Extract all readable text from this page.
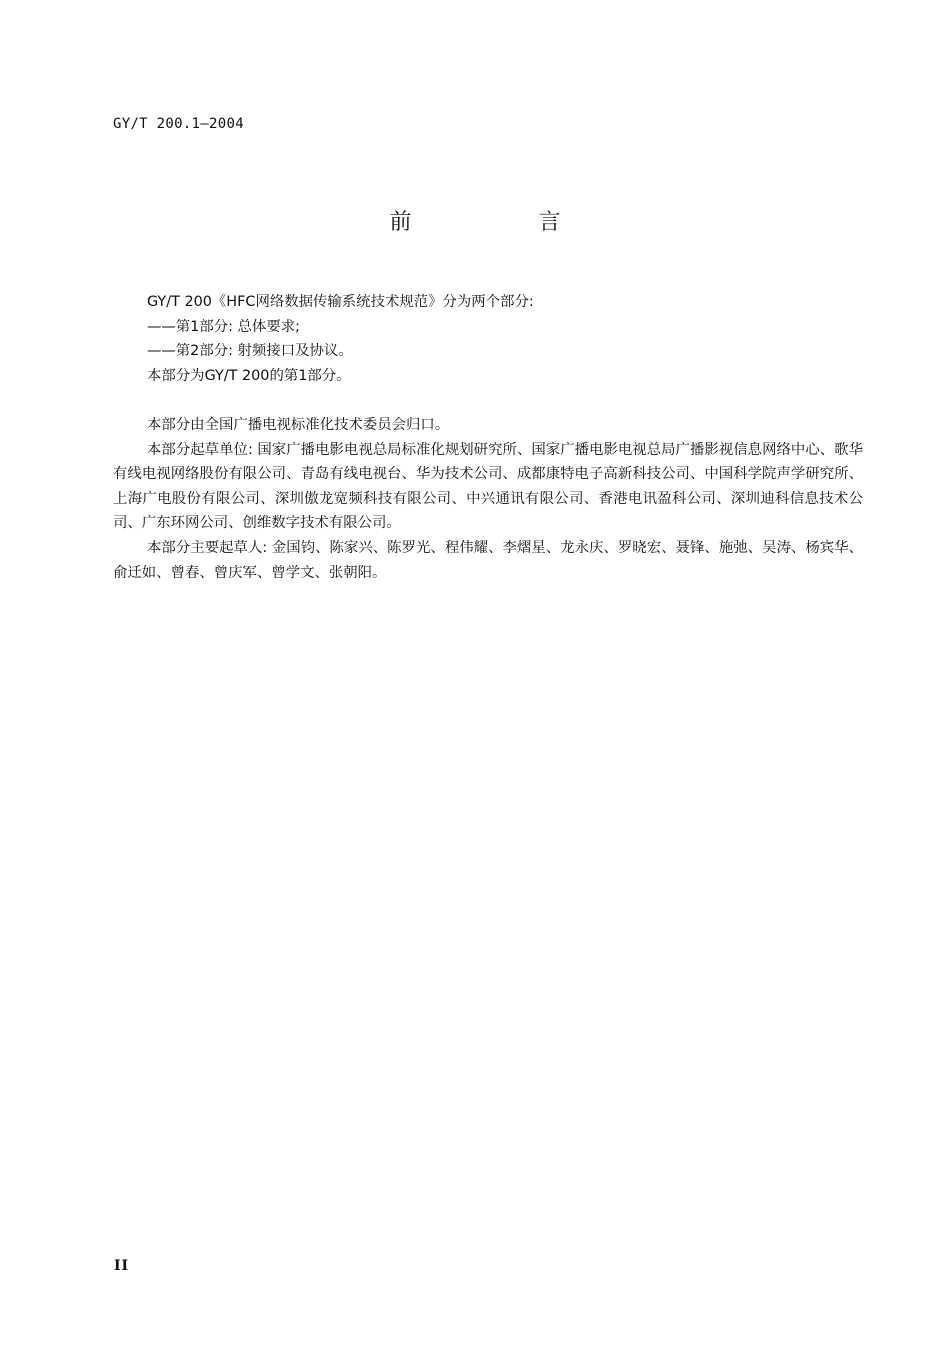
GY/T 200.1—2004
前 言

GY/T 200《HFC网络数据传输系统技术规范》分为两个部分:

——第1部分: 总体要求;

——第2部分: 射频接口及协议。

本部分为GY/T 200的第1部分。

本部分由全国广播电视标准化技术委员会归口。

本部分起草单位: 国家广播电影电视总局标准化规划研究所、国家广播电影电视总局广播影视信息网络中心、歌华有线电视网络股份有限公司、青岛有线电视台、华为技术公司、成都康特电子高新科技公司、中国科学院声学研究所、上海广电股份有限公司、深圳傲龙宽频科技有限公司、中兴通讯有限公司、香港电讯盈科公司、深圳迪科信息技术公司、广东环网公司、创维数字技术有限公司。

本部分主要起草人: 金国钧、陈家兴、陈罗光、程伟耀、李熠星、龙永庆、罗晓宏、聂锋、施弛、吴涛、杨宾华、俞迁如、曾春、曾庆军、曾学文、张朝阳。

II
